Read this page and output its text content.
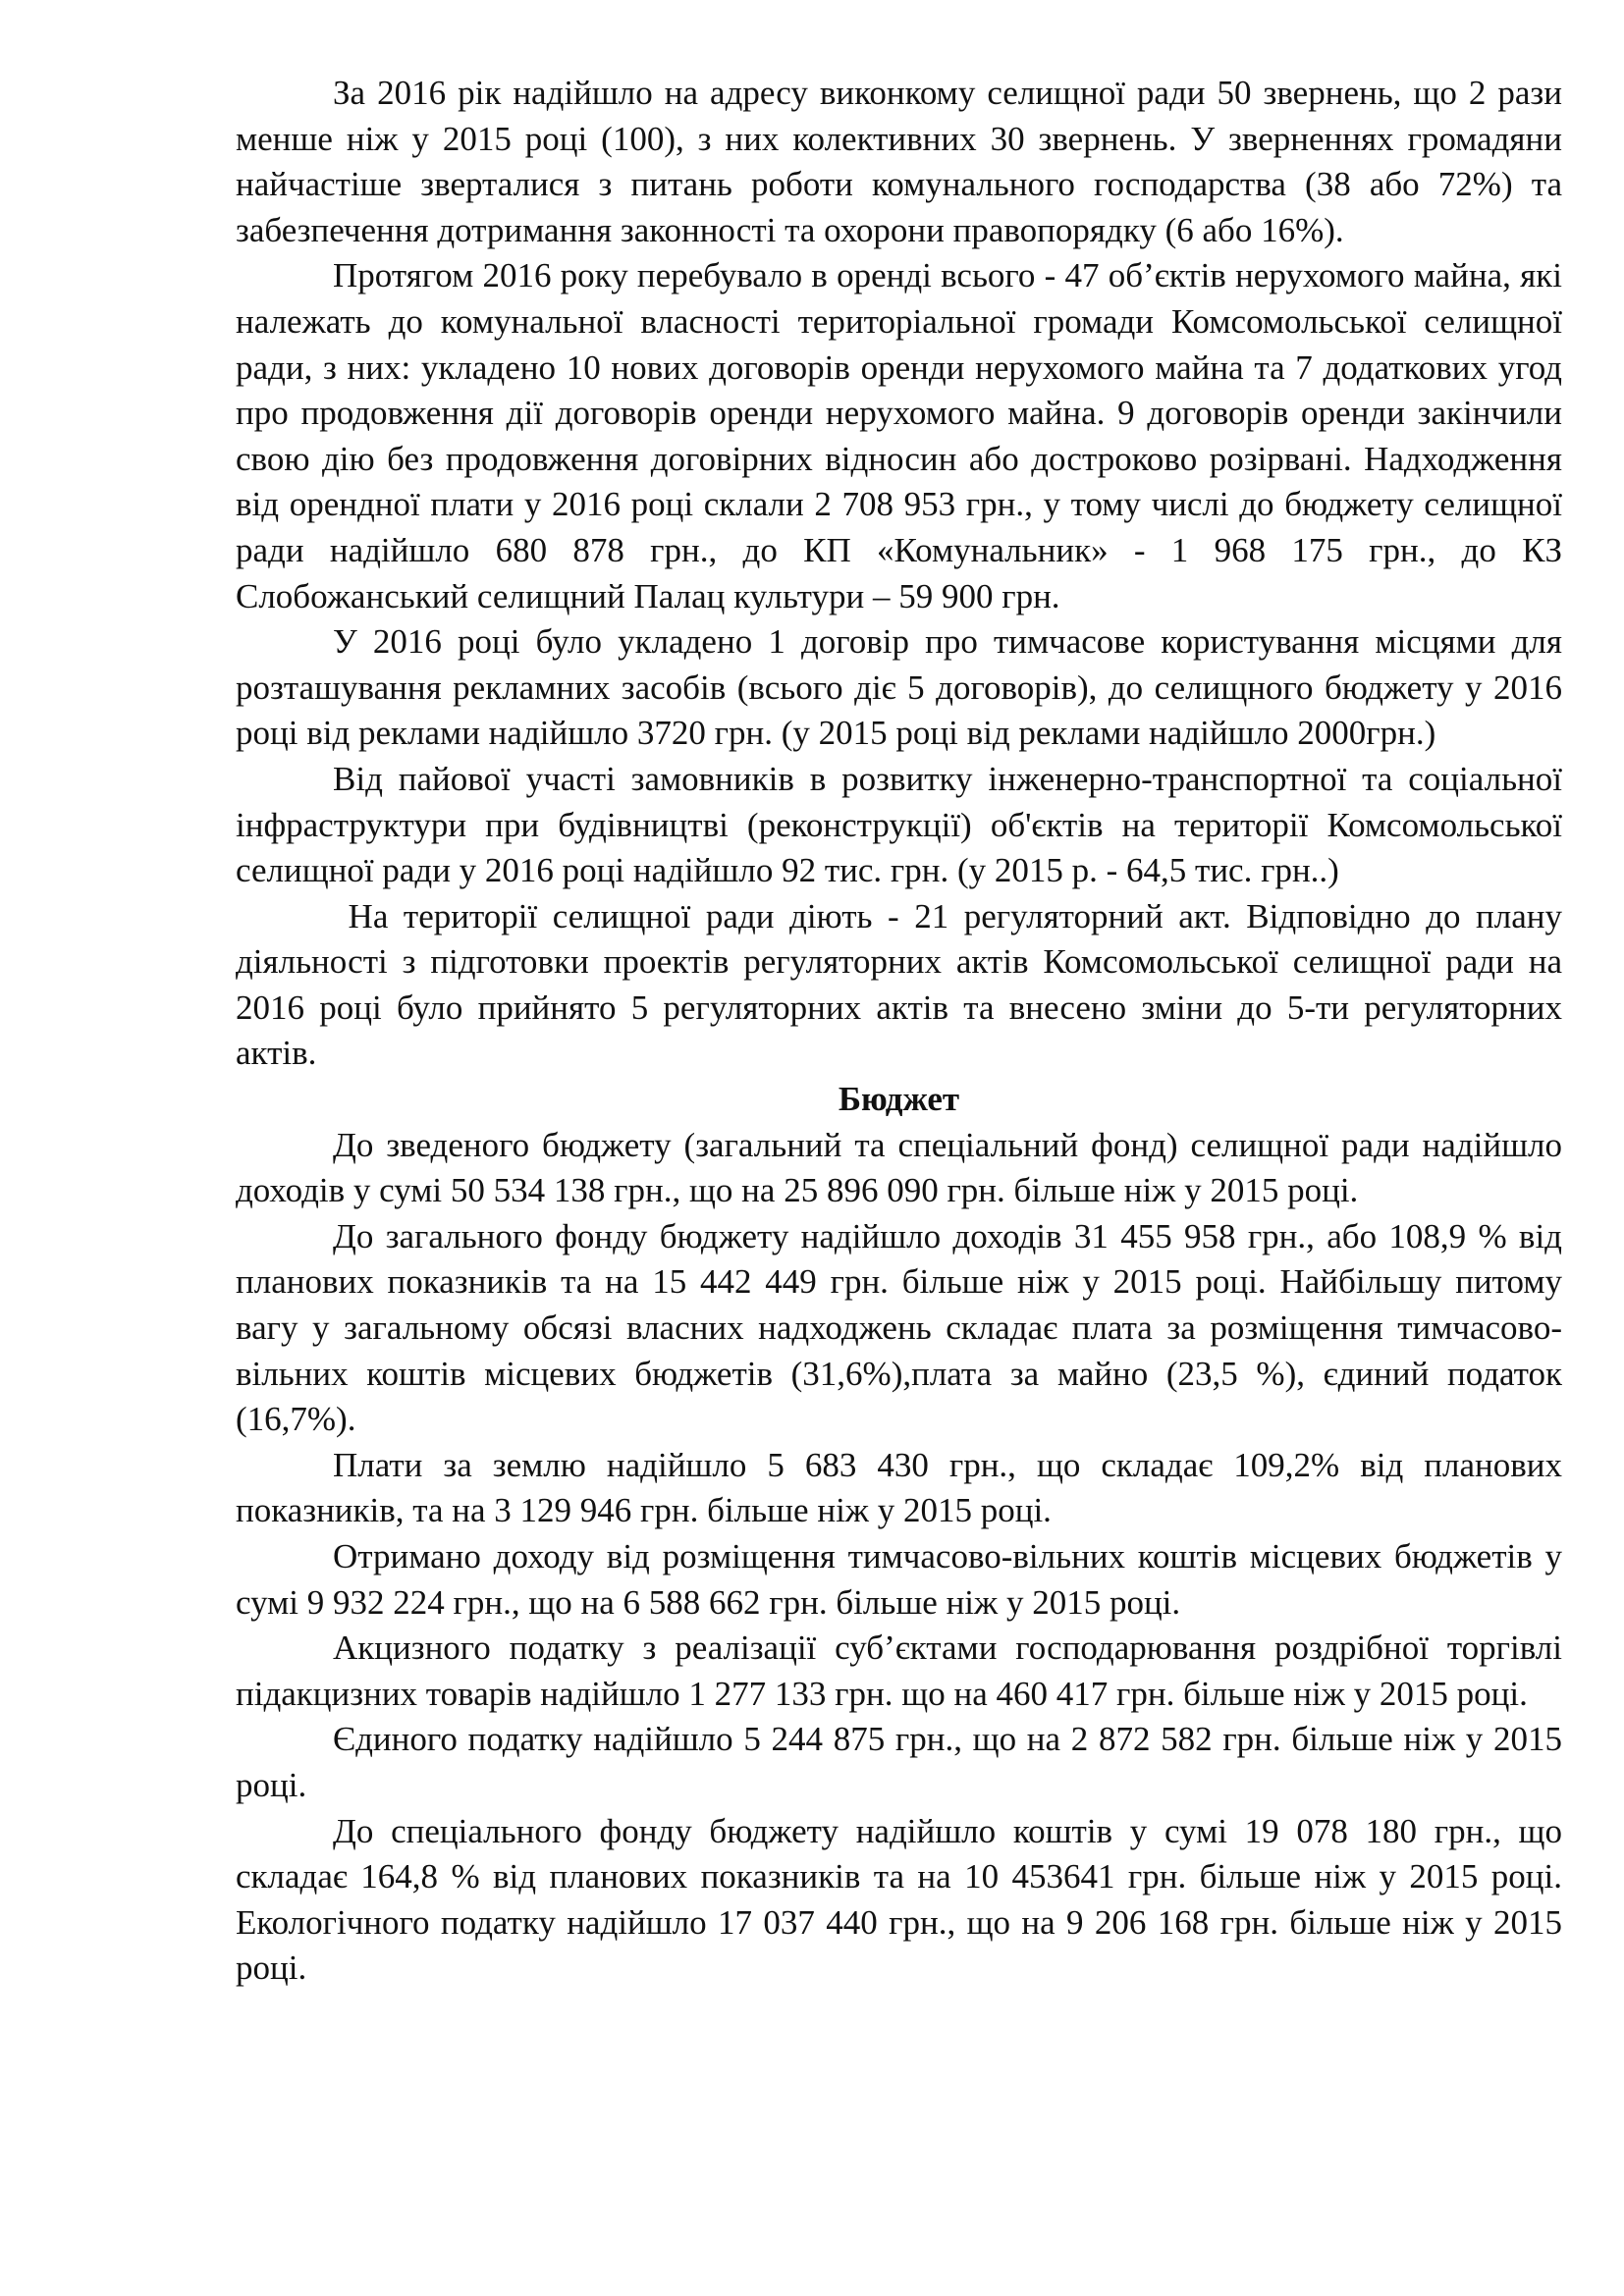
За 2016 рік надійшло на адресу виконкому селищної ради 50 звернень, що 2 рази менше ніж у 2015 році (100), з них колективних 30 звернень. У зверненнях громадяни найчастіше зверталися з питань роботи комунального господарства (38 або 72%) та забезпечення дотримання законності та охорони правопорядку (6 або 16%).

Протягом 2016 року перебувало в оренді всього - 47 об’єктів нерухомого майна, які належать до комунальної власності територіальної громади Комсомольської селищної ради, з них: укладено 10 нових договорів оренди нерухомого майна та 7 додаткових угод про продовження дії договорів оренди нерухомого майна. 9 договорів оренди закінчили свою дію без продовження договірних відносин або достроково розірвані. Надходження від орендної плати у 2016 році склали 2 708 953 грн., у тому числі до бюджету селищної ради надійшло 680 878 грн., до КП «Комунальник» - 1 968 175 грн., до КЗ Слобожанський селищний Палац культури – 59 900 грн.

У 2016 році було укладено 1 договір про тимчасове користування місцями для розташування рекламних засобів (всього діє 5 договорів), до селищного бюджету у 2016 році від реклами надійшло 3720 грн. (у 2015 році від реклами надійшло 2000грн.)

Від пайової участі замовників в розвитку інженерно-транспортної та соціальної інфраструктури при будівництві (реконструкції) об'єктів на території Комсомольської селищної ради у 2016 році надійшло 92 тис. грн. (у 2015 р. - 64,5 тис. грн..)

На території селищної ради діють - 21 регуляторний акт. Відповідно до плану діяльності з підготовки проектів регуляторних актів Комсомольської селищної ради на 2016 році було прийнято 5 регуляторних актів та внесено зміни до 5-ти регуляторних  актів.

Бюджет

До зведеного бюджету (загальний та спеціальний фонд) селищної ради надійшло доходів у сумі 50 534 138 грн., що на 25 896 090 грн. більше ніж у 2015 році.

До загального фонду бюджету надійшло доходів 31 455 958 грн., або 108,9 % від планових показників та на 15 442 449 грн. більше ніж у 2015 році. Найбільшу питому вагу у загальному обсязі власних надходжень складає плата за розміщення тимчасово-вільних коштів місцевих бюджетів (31,6%),плата за майно (23,5 %), єдиний податок (16,7%).

Плати за землю надійшло 5 683 430 грн., що складає 109,2% від планових показників, та на 3 129 946 грн. більше ніж у 2015 році.

Отримано доходу від розміщення тимчасово-вільних коштів місцевих бюджетів у сумі 9 932 224 грн., що на 6 588 662 грн. більше ніж у 2015 році.

Акцизного податку з реалізації суб’єктами господарювання роздрібної торгівлі підакцизних товарів надійшло 1 277 133 грн. що на 460 417 грн. більше ніж у 2015 році.

Єдиного податку надійшло 5 244 875 грн., що на 2 872 582 грн. більше ніж у 2015 році.

До спеціального фонду бюджету надійшло коштів у сумі 19 078 180 грн., що складає 164,8 % від планових показників та на 10 453641 грн. більше ніж у 2015 році. Екологічного податку надійшло 17 037 440 грн., що на 9 206 168 грн. більше ніж у 2015 році.
